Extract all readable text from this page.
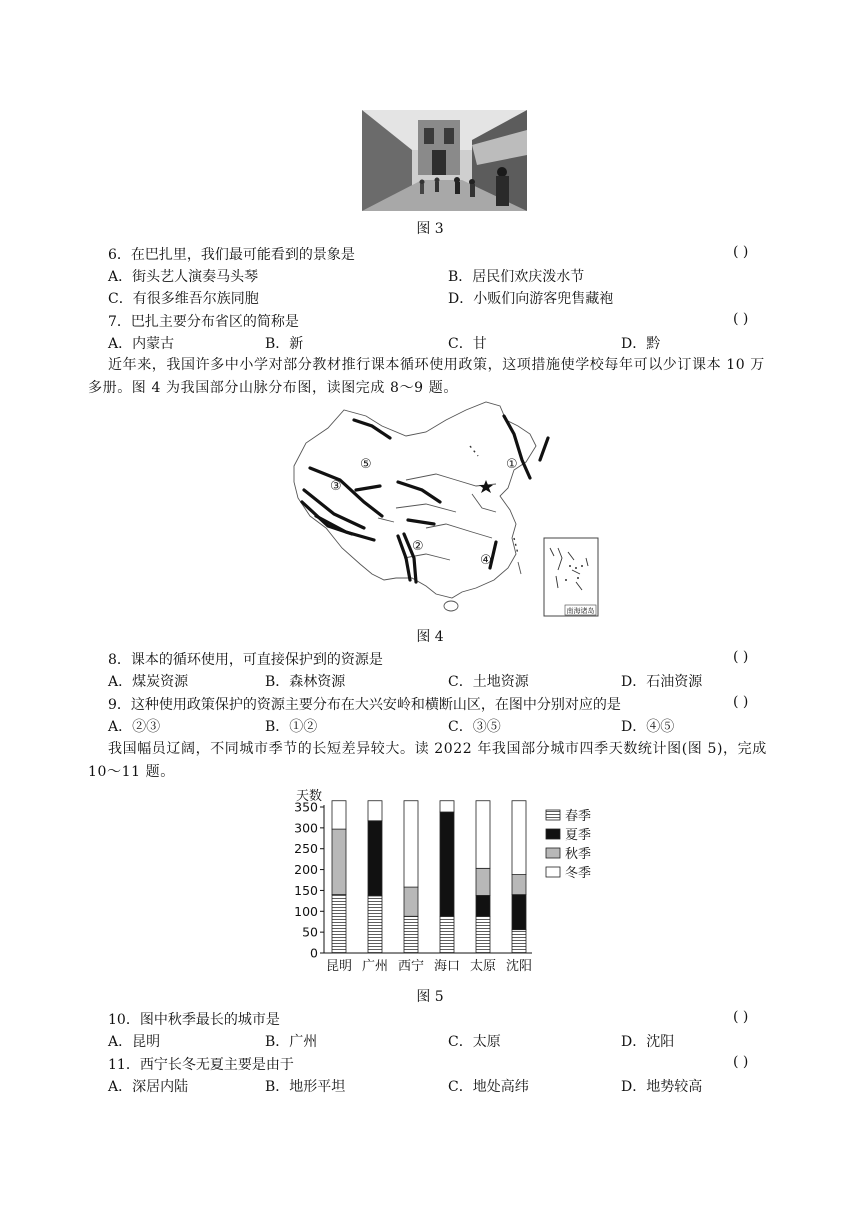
图 3
6．在巴扎里，我们最可能看到的景象是	( )
A．街头艺人演奏马头琴	B．居民们欢庆泼水节
C．有很多维吾尔族同胞	D．小贩们向游客兜售藏袍
7．巴扎主要分布省区的简称是	( )
A．内蒙古	B．新	C．甘	D．黔
近年来，我国许多中小学对部分教材推行课本循环使用政策，这项措施使学校每年可以少订课本 10 万
多册。图 4 为我国部分山脉分布图，读图完成 8～9 题。
⑤	①
③
②
④
南海诸岛
图 4
8．课本的循环使用，可直接保护到的资源是	( )
A．煤炭资源	B．森林资源	C．土地资源	D．石油资源
9．这种使用政策保护的资源主要分布在大兴安岭和横断山区，在图中分别对应的是	( )
A．②③	B．①②	C．③⑤	D．④⑤
我国幅员辽阔，不同城市季节的长短差异较大。读 2022 年我国部分城市四季天数统计图(图 5)，完成
10～11 题。
天数
0
50
100
150
200
250
300
350
昆明 广州 西宁 海口 太原 沈阳
春季
夏季
秋季
冬季
图 5
10．图中秋季最长的城市是	( )
A．昆明	B．广州	C．太原	D．沈阳
11．西宁长冬无夏主要是由于	( )
A．深居内陆	B．地形平坦	C．地处高纬	D．地势较高
